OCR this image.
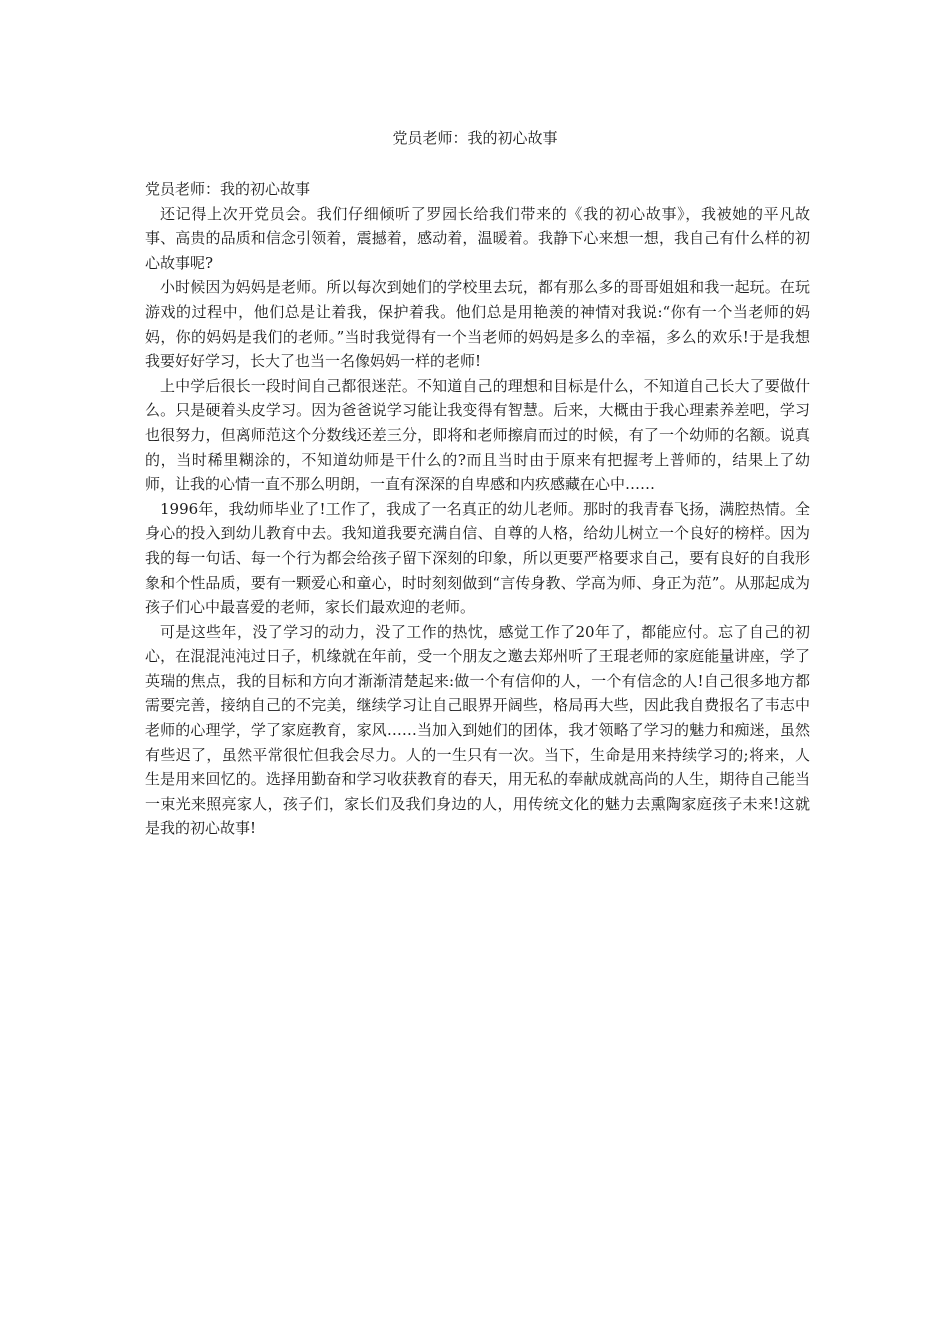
党员老师：我的初心故事

党员老师：我的初心故事

还记得上次开党员会。我们仔细倾听了罗园长给我们带来的《我的初心故事》，我被她的平凡故事、高贵的品质和信念引领着，震撼着，感动着，温暖着。我静下心来想一想，我自己有什么样的初心故事呢?

小时候因为妈妈是老师。所以每次到她们的学校里去玩，都有那么多的哥哥姐姐和我一起玩。在玩游戏的过程中，他们总是让着我，保护着我。他们总是用艳羡的神情对我说:“你有一个当老师的妈妈，你的妈妈是我们的老师。”当时我觉得有一个当老师的妈妈是多么的幸福，多么的欢乐!于是我想我要好好学习，长大了也当一名像妈妈一样的老师!

上中学后很长一段时间自己都很迷茫。不知道自己的理想和目标是什么，不知道自己长大了要做什么。只是硬着头皮学习。因为爸爸说学习能让我变得有智慧。后来，大概由于我心理素养差吧，学习也很努力，但离师范这个分数线还差三分，即将和老师擦肩而过的时候，有了一个幼师的名额。说真的，当时稀里糊涂的，不知道幼师是干什么的?而且当时由于原来有把握考上普师的，结果上了幼师，让我的心情一直不那么明朗，一直有深深的自卑感和内疚感藏在心中……

1996年，我幼师毕业了!工作了，我成了一名真正的幼儿老师。那时的我青春飞扬，满腔热情。全身心的投入到幼儿教育中去。我知道我要充满自信、自尊的人格，给幼儿树立一个良好的榜样。因为我的每一句话、每一个行为都会给孩子留下深刻的印象，所以更要严格要求自己，要有良好的自我形象和个性品质，要有一颗爱心和童心，时时刻刻做到“言传身教、学高为师、身正为范”。从那起成为孩子们心中最喜爱的老师，家长们最欢迎的老师。

可是这些年，没了学习的动力，没了工作的热忱，感觉工作了20年了，都能应付。忘了自己的初心，在混混沌沌过日子，机缘就在年前，受一个朋友之邀去郑州听了王琨老师的家庭能量讲座，学了英瑞的焦点，我的目标和方向才渐渐清楚起来:做一个有信仰的人，一个有信念的人!自己很多地方都需要完善，接纳自己的不完美，继续学习让自己眼界开阔些，格局再大些，因此我自费报名了韦志中老师的心理学，学了家庭教育，家风……当加入到她们的团体，我才领略了学习的魅力和痴迷，虽然有些迟了，虽然平常很忙但我会尽力。人的一生只有一次。当下，生命是用来持续学习的;将来，人生是用来回忆的。选择用勤奋和学习收获教育的春天，用无私的奉献成就高尚的人生，期待自己能当一束光来照亮家人，孩子们，家长们及我们身边的人，用传统文化的魅力去熏陶家庭孩子未来!这就是我的初心故事!
